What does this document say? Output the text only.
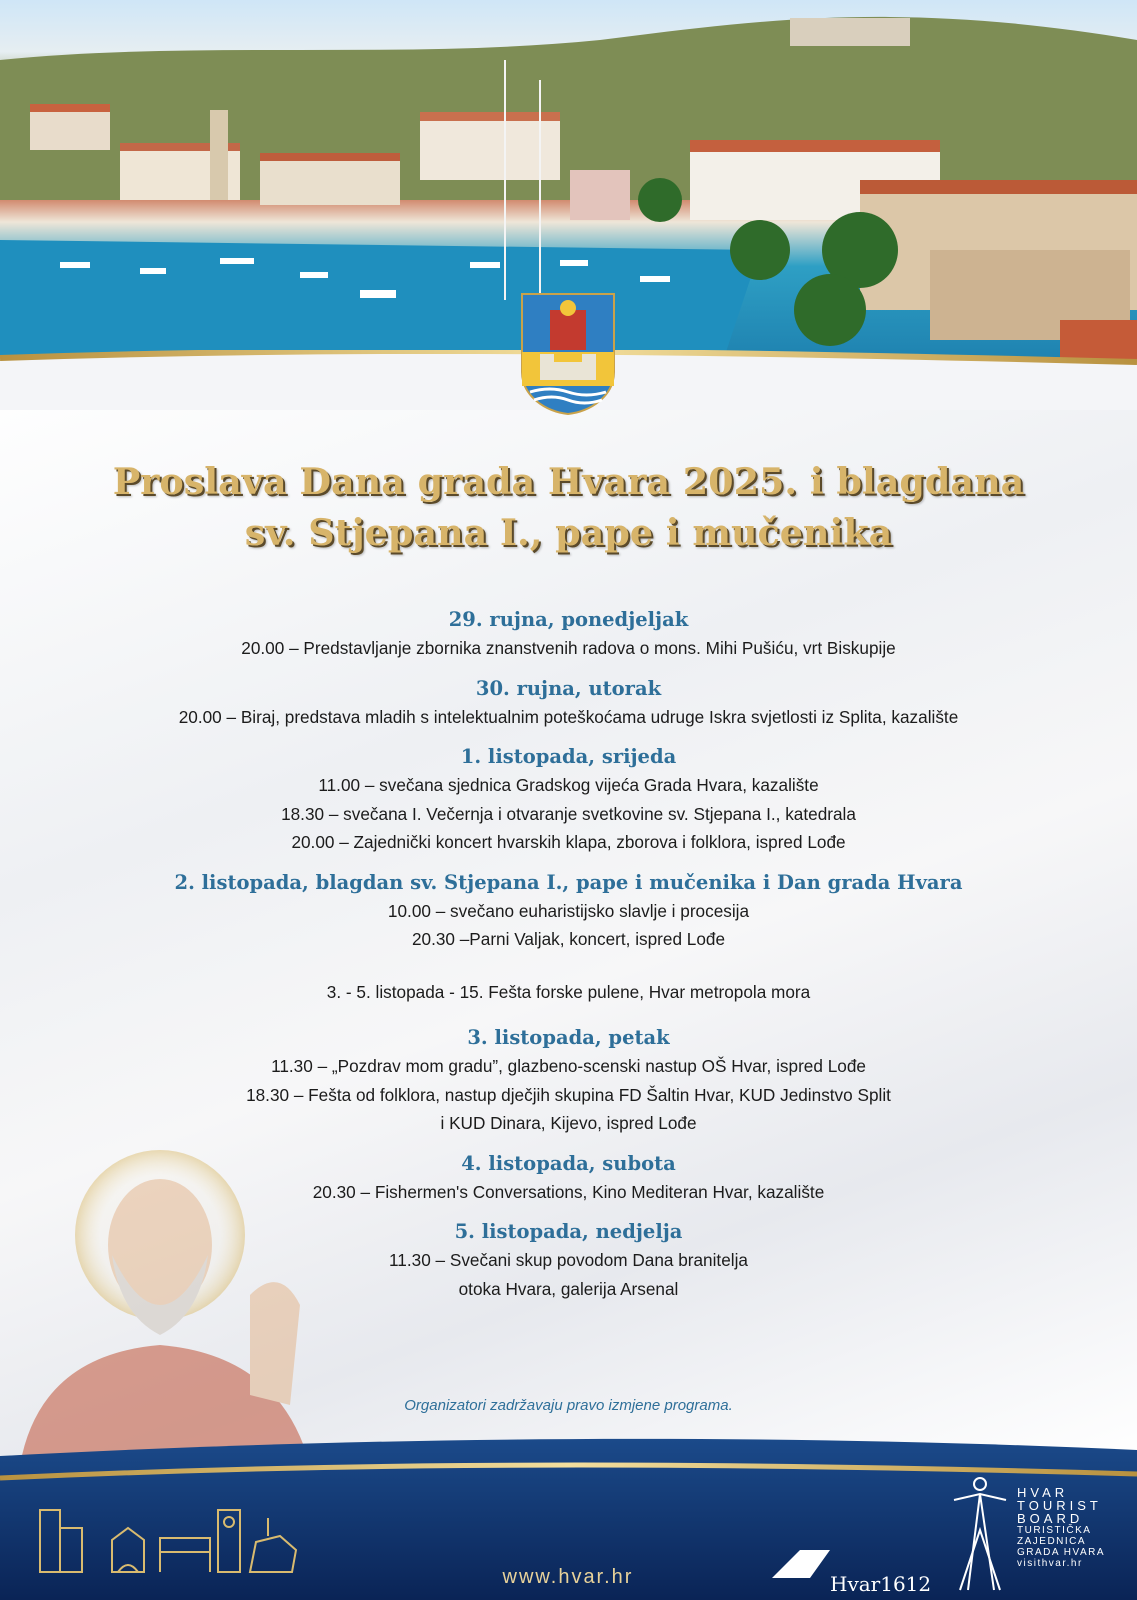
Proslava Dana grada Hvara 2025. i blagdana
sv. Stjepana I., pape i mučenika
29. rujna, ponedjeljak
20.00 – Predstavljanje zbornika znanstvenih radova o mons. Mihi Pušiću, vrt Biskupije
30. rujna, utorak
20.00 – Biraj, predstava mladih s intelektualnim poteškoćama udruge Iskra svjetlosti iz Splita, kazalište
1. listopada, srijeda
11.00 – svečana sjednica Gradskog vijeća Grada Hvara, kazalište
18.30 – svečana I. Večernja i otvaranje svetkovine sv. Stjepana I., katedrala
20.00 – Zajednički koncert hvarskih klapa, zborova i folklora, ispred Lođe
2. listopada, blagdan sv. Stjepana I., pape i mučenika i Dan grada Hvara
10.00 – svečano euharistijsko slavlje i procesija
20.30 –Parni Valjak, koncert, ispred Lođe
3. - 5. listopada - 15. Fešta forske pulene, Hvar metropola mora
3. listopada, petak
11.30 – „Pozdrav mom gradu”, glazbeno-scenski nastup OŠ Hvar, ispred Lođe
18.30 – Fešta od folklora, nastup dječjih skupina FD Šaltin Hvar, KUD Jedinstvo Split
i KUD Dinara, Kijevo, ispred Lođe
4. listopada, subota
20.30 – Fishermen's Conversations, Kino Mediteran Hvar, kazalište
5. listopada, nedjelja
11.30 – Svečani skup povodom Dana branitelja
otoka Hvara, galerija Arsenal
Organizatori zadržavaju pravo izmjene programa.
www.hvar.hr	Hvar1612
HVAR
TOURIST
BOARD
TURISTIČKA
ZAJEDNICA
GRADA HVARA
visithvar.hr
